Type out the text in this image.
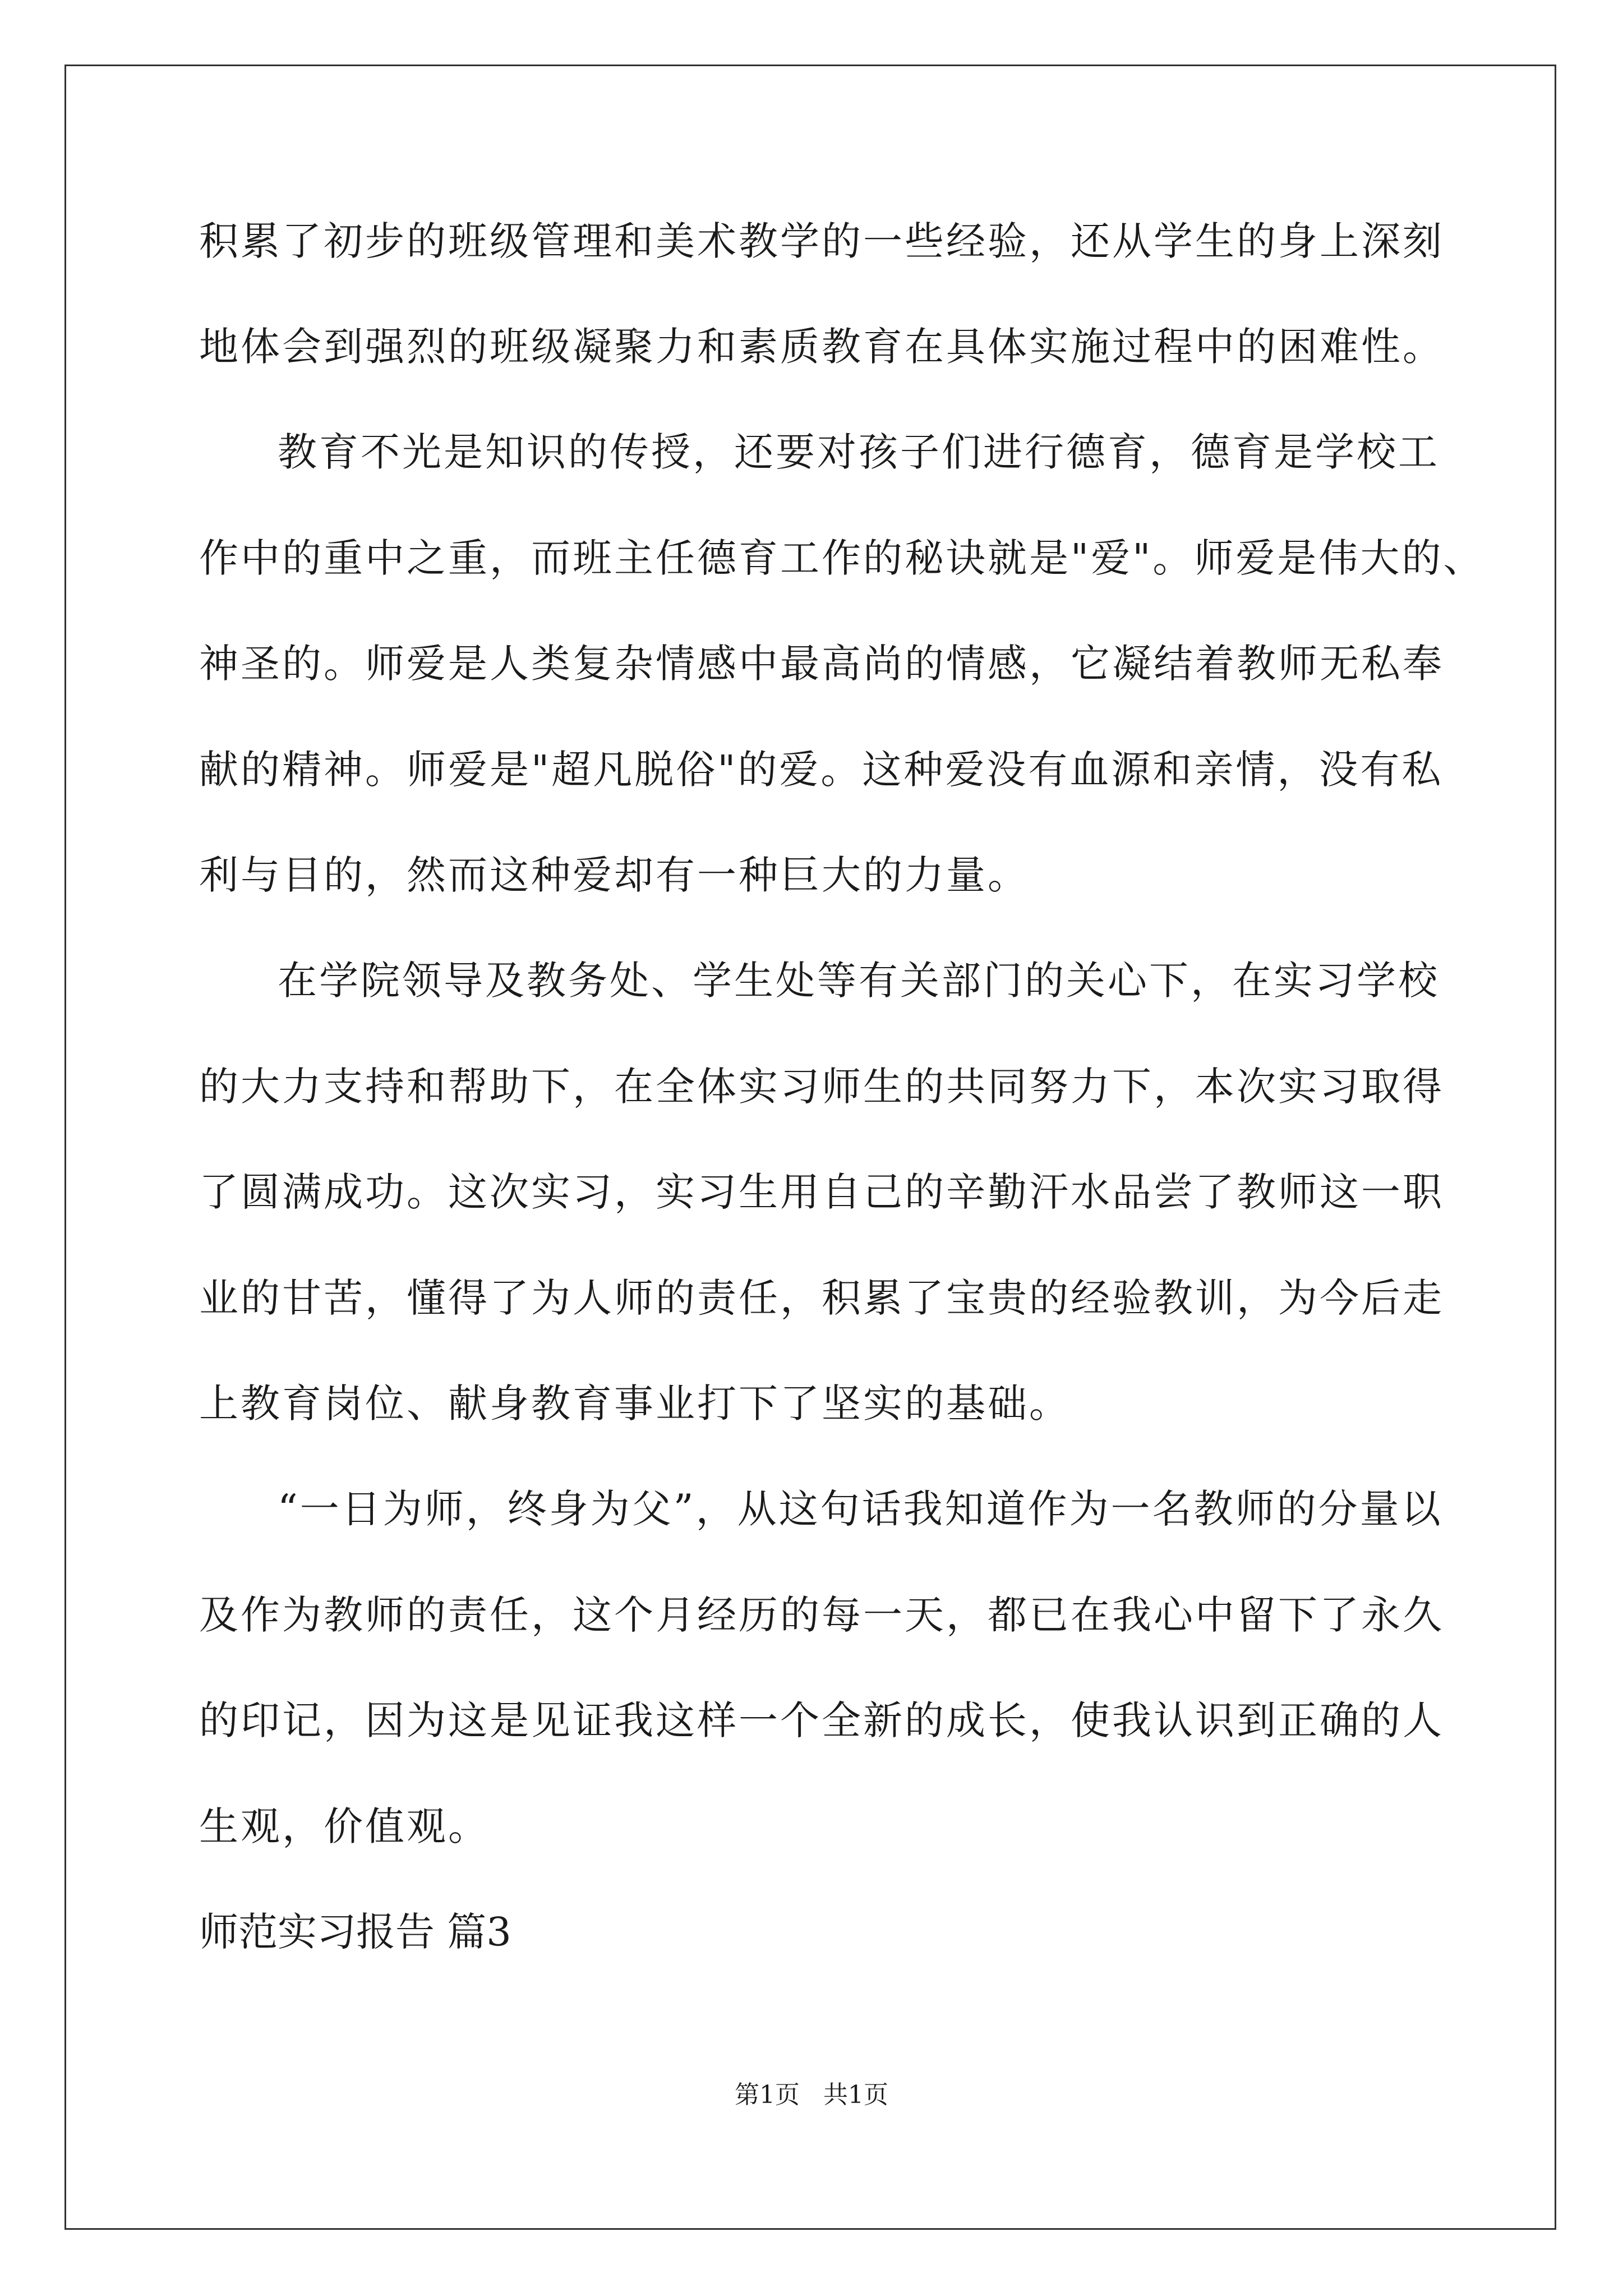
积累了初步的班级管理和美术教学的一些经验，还从学生的身上深刻
地体会到强烈的班级凝聚力和素质教育在具体实施过程中的困难性。
教育不光是知识的传授，还要对孩子们进行德育，德育是学校工
作中的重中之重，而班主任德育工作的秘诀就是"爱"。师爱是伟大的、
神圣的。师爱是人类复杂情感中最高尚的情感，它凝结着教师无私奉
献的精神。师爱是"超凡脱俗"的爱。这种爱没有血源和亲情，没有私
利与目的，然而这种爱却有一种巨大的力量。
在学院领导及教务处、学生处等有关部门的关心下，在实习学校
的大力支持和帮助下，在全体实习师生的共同努力下，本次实习取得
了圆满成功。这次实习，实习生用自己的辛勤汗水品尝了教师这一职
业的甘苦，懂得了为人师的责任，积累了宝贵的经验教训，为今后走
上教育岗位、献身教育事业打下了坚实的基础。
“一日为师，终身为父”，从这句话我知道作为一名教师的分量以
及作为教师的责任，这个月经历的每一天，都已在我心中留下了永久
的印记，因为这是见证我这样一个全新的成长，使我认识到正确的人
生观，价值观。
师范实习报告 篇3
第1页   共1页
